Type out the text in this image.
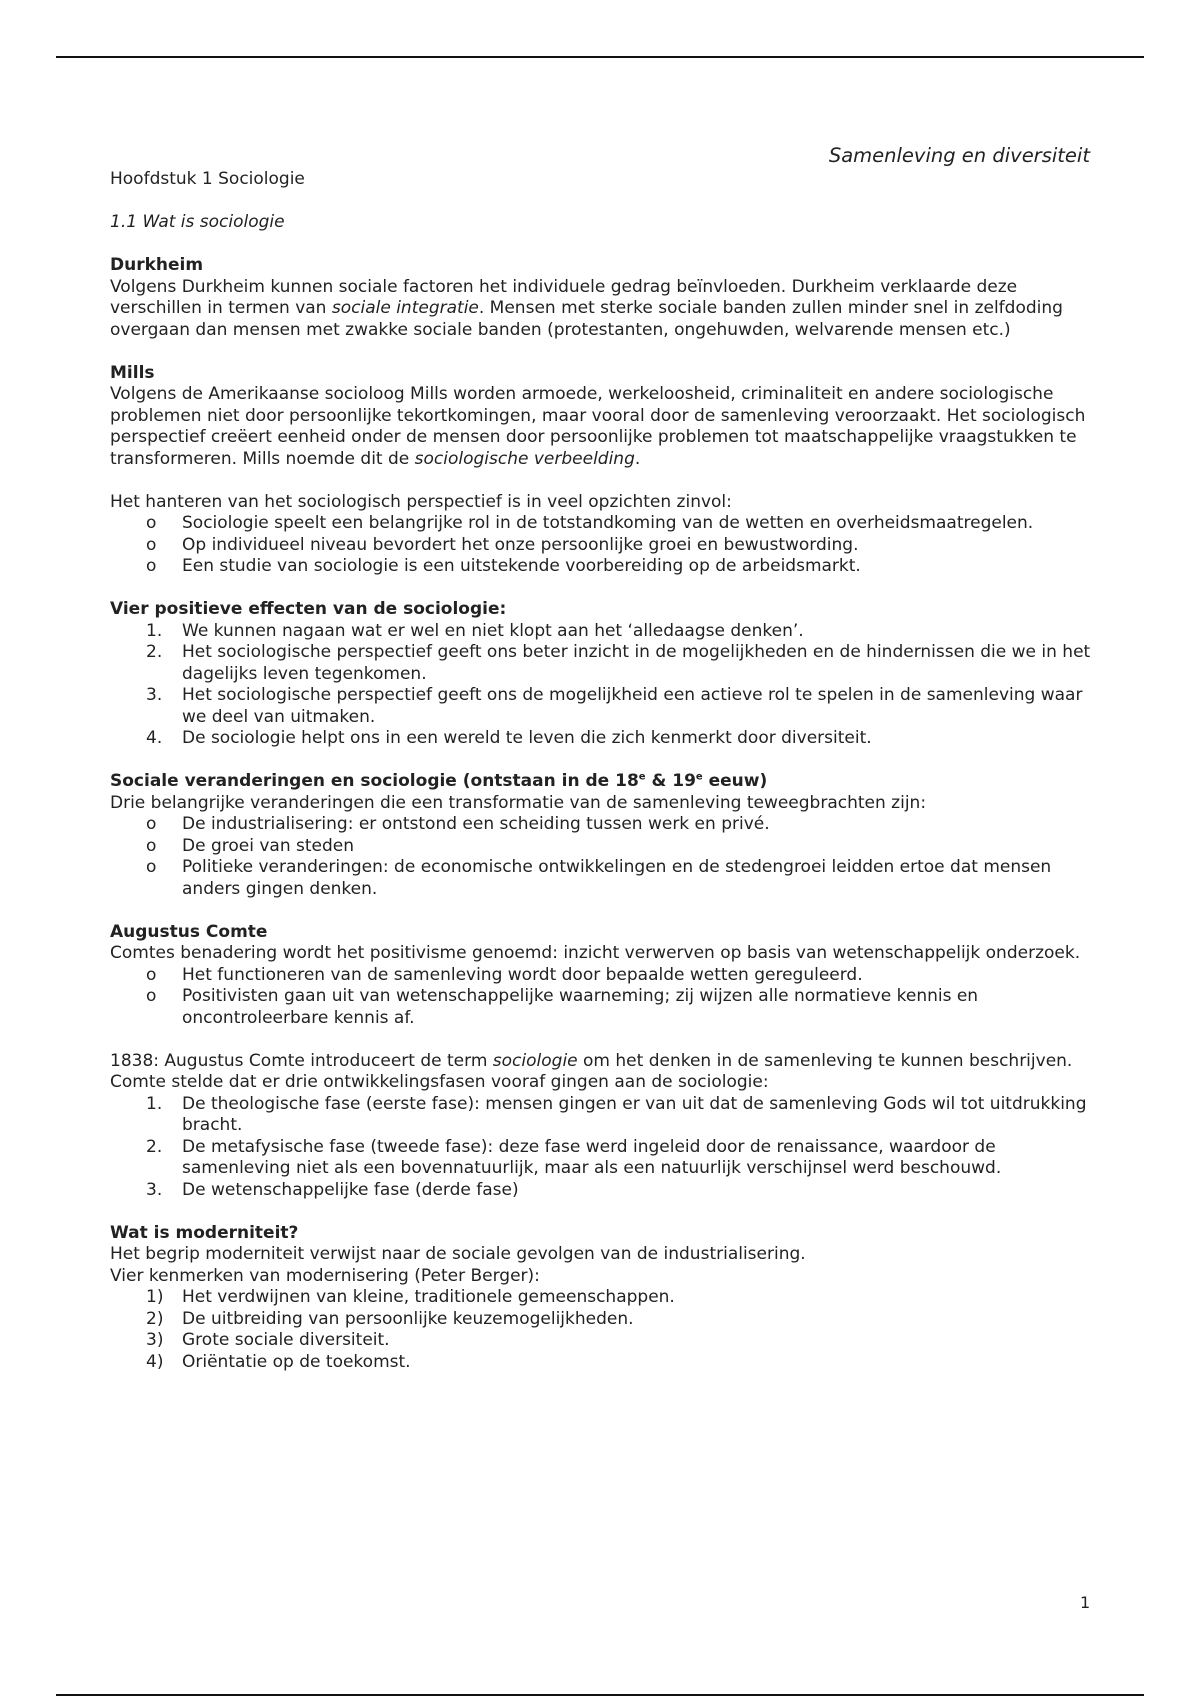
Samenleving en diversiteit

Hoofdstuk 1 Sociologie

1.1 Wat is sociologie

Durkheim

Volgens Durkheim kunnen sociale factoren het individuele gedrag beïnvloeden. Durkheim verklaarde deze verschillen in termen van sociale integratie. Mensen met sterke sociale banden zullen minder snel in zelfdoding overgaan dan mensen met zwakke sociale banden (protestanten, ongehuwden, welvarende mensen etc.)

Mills

Volgens de Amerikaanse socioloog Mills worden armoede, werkeloosheid, criminaliteit en andere sociologische problemen niet door persoonlijke tekortkomingen, maar vooral door de samenleving veroorzaakt. Het sociologisch perspectief creëert eenheid onder de mensen door persoonlijke problemen tot maatschappelijke vraagstukken te transformeren. Mills noemde dit de sociologische verbeelding.

Het hanteren van het sociologisch perspectief is in veel opzichten zinvol:

o Sociologie speelt een belangrijke rol in de totstandkoming van de wetten en overheidsmaatregelen.
o Op individueel niveau bevordert het onze persoonlijke groei en bewustwording.
o Een studie van sociologie is een uitstekende voorbereiding op de arbeidsmarkt.

Vier positieve effecten van de sociologie:

1. We kunnen nagaan wat er wel en niet klopt aan het ‘alledaagse denken’.
2. Het sociologische perspectief geeft ons beter inzicht in de mogelijkheden en de hindernissen die we in het dagelijks leven tegenkomen.
3. Het sociologische perspectief geeft ons de mogelijkheid een actieve rol te spelen in de samenleving waar we deel van uitmaken.
4. De sociologie helpt ons in een wereld te leven die zich kenmerkt door diversiteit.

Sociale veranderingen en sociologie (ontstaan in de 18e & 19e eeuw)

Drie belangrijke veranderingen die een transformatie van de samenleving teweegbrachten zijn:

o De industrialisering: er ontstond een scheiding tussen werk en privé.
o De groei van steden
o Politieke veranderingen: de economische ontwikkelingen en de stedengroei leidden ertoe dat mensen anders gingen denken.

Augustus Comte

Comtes benadering wordt het positivisme genoemd: inzicht verwerven op basis van wetenschappelijk onderzoek.

o Het functioneren van de samenleving wordt door bepaalde wetten gereguleerd.
o Positivisten gaan uit van wetenschappelijke waarneming; zij wijzen alle normatieve kennis en oncontroleerbare kennis af.

1838: Augustus Comte introduceert de term sociologie om het denken in de samenleving te kunnen beschrijven.

Comte stelde dat er drie ontwikkelingsfasen vooraf gingen aan de sociologie:

1. De theologische fase (eerste fase): mensen gingen er van uit dat de samenleving Gods wil tot uitdrukking bracht.
2. De metafysische fase (tweede fase): deze fase werd ingeleid door de renaissance, waardoor de samenleving niet als een bovennatuurlijk, maar als een natuurlijk verschijnsel werd beschouwd.
3. De wetenschappelijke fase (derde fase)

Wat is moderniteit?

Het begrip moderniteit verwijst naar de sociale gevolgen van de industrialisering.

Vier kenmerken van modernisering (Peter Berger):

1) Het verdwijnen van kleine, traditionele gemeenschappen.
2) De uitbreiding van persoonlijke keuzemogelijkheden.
3) Grote sociale diversiteit.
4) Oriëntatie op de toekomst.
1
